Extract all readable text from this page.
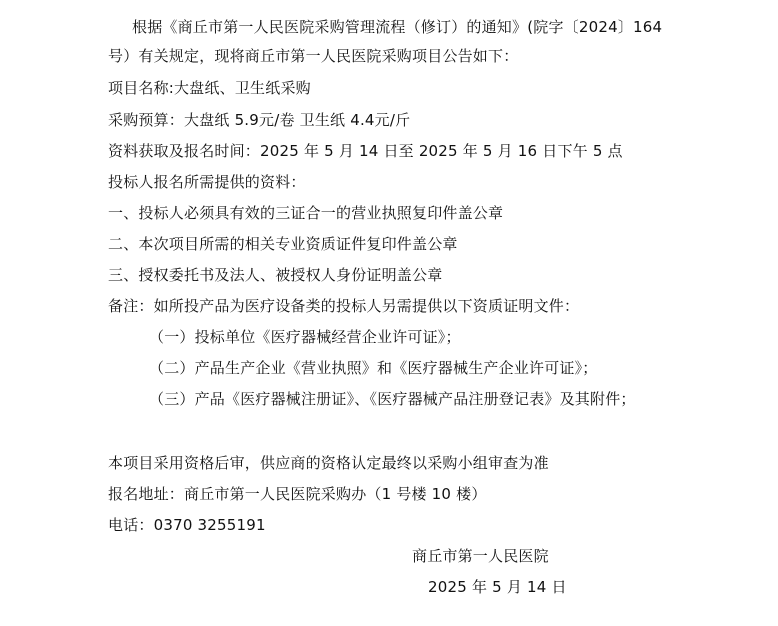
根据《商丘市第一人民医院采购管理流程（修订）的通知》(院字〔2024〕164
号）有关规定，现将商丘市第一人民医院采购项目公告如下：
项目名称:大盘纸、卫生纸采购
采购预算：大盘纸 5.9元/卷 卫生纸 4.4元/斤
资料获取及报名时间：2025 年 5 月 14 日至 2025 年 5 月 16 日下午 5 点
投标人报名所需提供的资料：
一、投标人必须具有效的三证合一的营业执照复印件盖公章
二、本次项目所需的相关专业资质证件复印件盖公章
三、授权委托书及法人、被授权人身份证明盖公章
备注：如所投产品为医疗设备类的投标人另需提供以下资质证明文件：
（一）投标单位《医疗器械经营企业许可证》；
（二）产品生产企业《营业执照》和《医疗器械生产企业许可证》；
（三）产品《医疗器械注册证》、《医疗器械产品注册登记表》及其附件；
本项目采用资格后审，供应商的资格认定最终以采购小组审查为准
报名地址：商丘市第一人民医院采购办（1 号楼 10 楼）
电话：0370 3255191
商丘市第一人民医院
2025 年 5 月 14 日
